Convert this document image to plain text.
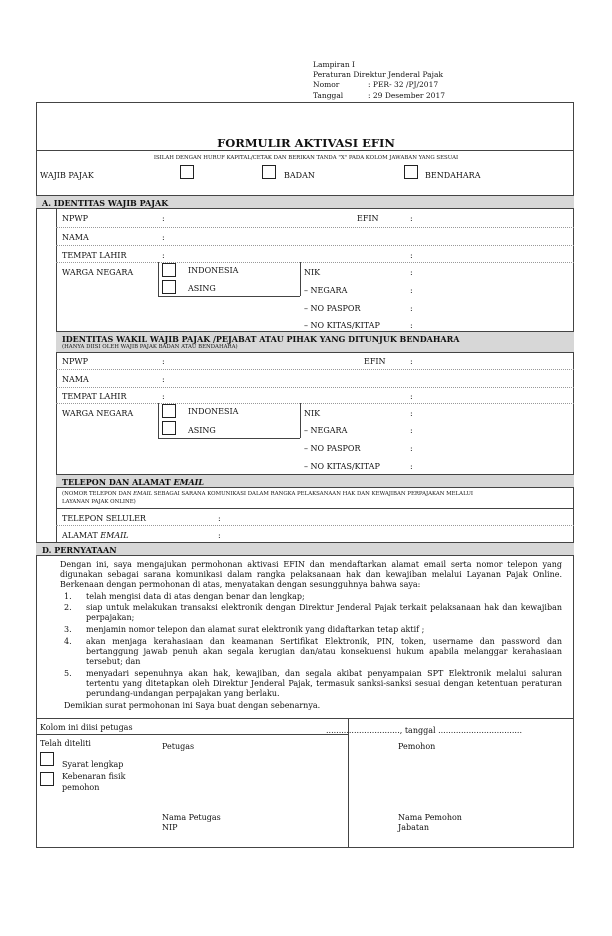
Lampiran I
Peraturan Direktur Jenderal Pajak
Nomor	: PER- 32 /PJ/2017
Tanggal	: 29 Desember 2017
FORMULIR AKTIVASI EFIN
ISILAH DENGAN HURUF KAPITAL/CETAK DAN BERIKAN TANDA "X" PADA KOLOM JAWABAN YANG SESUAI
WAJIB PAJAK	BADAN	BENDAHARA
A. IDENTITAS WAJIB PAJAK
NPWP	:	EFIN	:
NAMA	:
TEMPAT LAHIR	:	:
WARGA NEGARA	INDONESIA
ASING
NIK	:
– NEGARA	:
– NO PASPOR	:
– NO KITAS/KITAP	:
IDENTITAS WAKIL WAJIB PAJAK /PEJABAT ATAU PIHAK YANG DITUNJUK BENDAHARA
(HANYA DIISI OLEH WAJIB PAJAK BADAN ATAU BENDAHARA)
NPWP	:	EFIN	:
NAMA	:
TEMPAT LAHIR	:	:
WARGA NEGARA	INDONESIA
ASING
NIK	:
– NEGARA	:
– NO PASPOR	:
– NO KITAS/KITAP	:
TELEPON DAN ALAMAT EMAIL
(NOMOR TELEPON DAN EMAIL SEBAGAI SARANA KOMUNIKASI DALAM RANGKA PELAKSANAAN HAK DAN KEWAJIBAN PERPAJAKAN MELALUI
LAYANAN PAJAK ONLINE)
TELEPON SELULER	:
ALAMAT EMAIL	:
D. PERNYATAAN
Dengan ini, saya mengajukan permohonan aktivasi EFIN dan mendaftarkan alamat email serta nomor telepon yang digunakan sebagai sarana komunikasi dalam rangka pelaksanaan hak dan kewajiban melalui Layanan Pajak Online. Berkenaan dengan permohonan di atas, menyatakan dengan sesungguhnya bahwa saya:
1. telah mengisi data di atas dengan benar dan lengkap;
2. siap untuk melakukan transaksi elektronik dengan Direktur Jenderal Pajak terkait pelaksanaan hak dan kewajiban perpajakan;
3. menjamin nomor telepon dan alamat surat elektronik yang didaftarkan tetap aktif ;
4. akan menjaga kerahasiaan dan keamanan Sertifikat Elektronik, PIN, token, username dan password dan bertanggung jawab penuh akan segala kerugian dan/atau konsekuensi hukum apabila melanggar kerahasiaan tersebut; dan
5. menyadari sepenuhnya akan hak, kewajiban, dan segala akibat penyampaian SPT Elektronik melalui saluran tertentu yang ditetapkan oleh Direktur Jenderal Pajak, termasuk sanksi-sanksi sesuai dengan ketentuan peraturan perundang-undangan perpajakan yang berlaku.
Demikian surat permohonan ini Saya buat dengan sebenarnya.
Kolom ini diisi petugas	............................., tanggal .................................
Telah diteliti	Petugas	Pemohon
Syarat lengkap
Kebenaran fisik
pemohon
Nama Petugas
NIP
Nama Pemohon
Jabatan
